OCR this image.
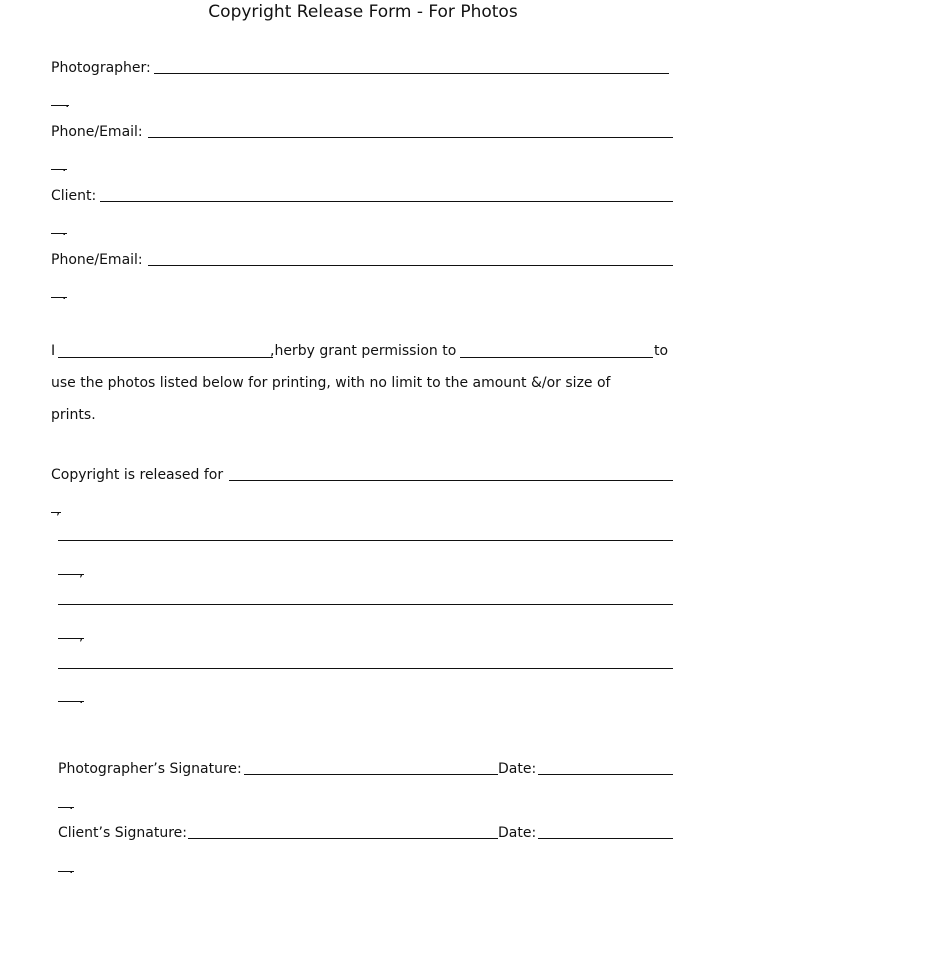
Copyright Release Form - For Photos
Photographer:
.
Phone/Email:
.
Client:
.
Phone/Email:
.
I	,herby grant permission to	to
use the photos listed below for printing, with no limit to the amount &/or size of
prints.
Copyright is released for
,
,
,
.
Photographer’s Signature:	Date:
.
Client’s Signature:	Date:
.
